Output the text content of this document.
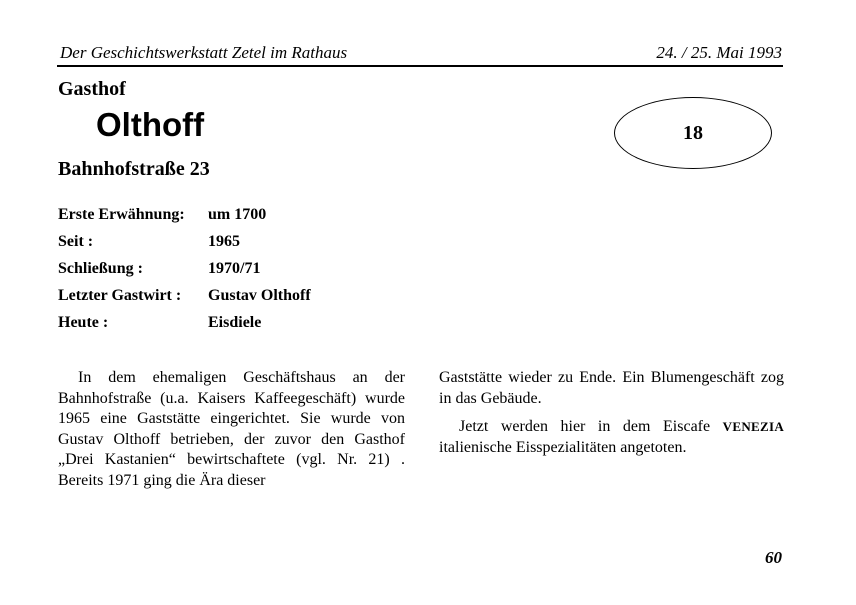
Der Geschichtswerkstatt Zetel im Rathaus	24. / 25. Mai 1993
Gasthof
Olthoff
Bahnhofstraße 23
18
Erste Erwähnung: um 1700
Seit :	1965
Schließung :	1970/71
Letzter Gastwirt : Gustav Olthoff
Heute :	Eisdiele

In dem ehemaligen Geschäftshaus an der Bahnhofstraße (u.a. Kaisers Kaffeegeschäft) wurde 1965 eine Gaststätte eingerichtet. Sie wurde von Gustav Olthoff betrieben, der zuvor den Gasthof „Drei Kastanien“ bewirtschaftete (vgl. Nr. 21) . Bereits 1971 ging die Ära dieser

Gaststätte wieder zu Ende. Ein Blumengeschäft zog in das Gebäude.

Jetzt werden hier in dem Eiscafe VENEZIA italienische Eisspezialitäten angetoten.

60
